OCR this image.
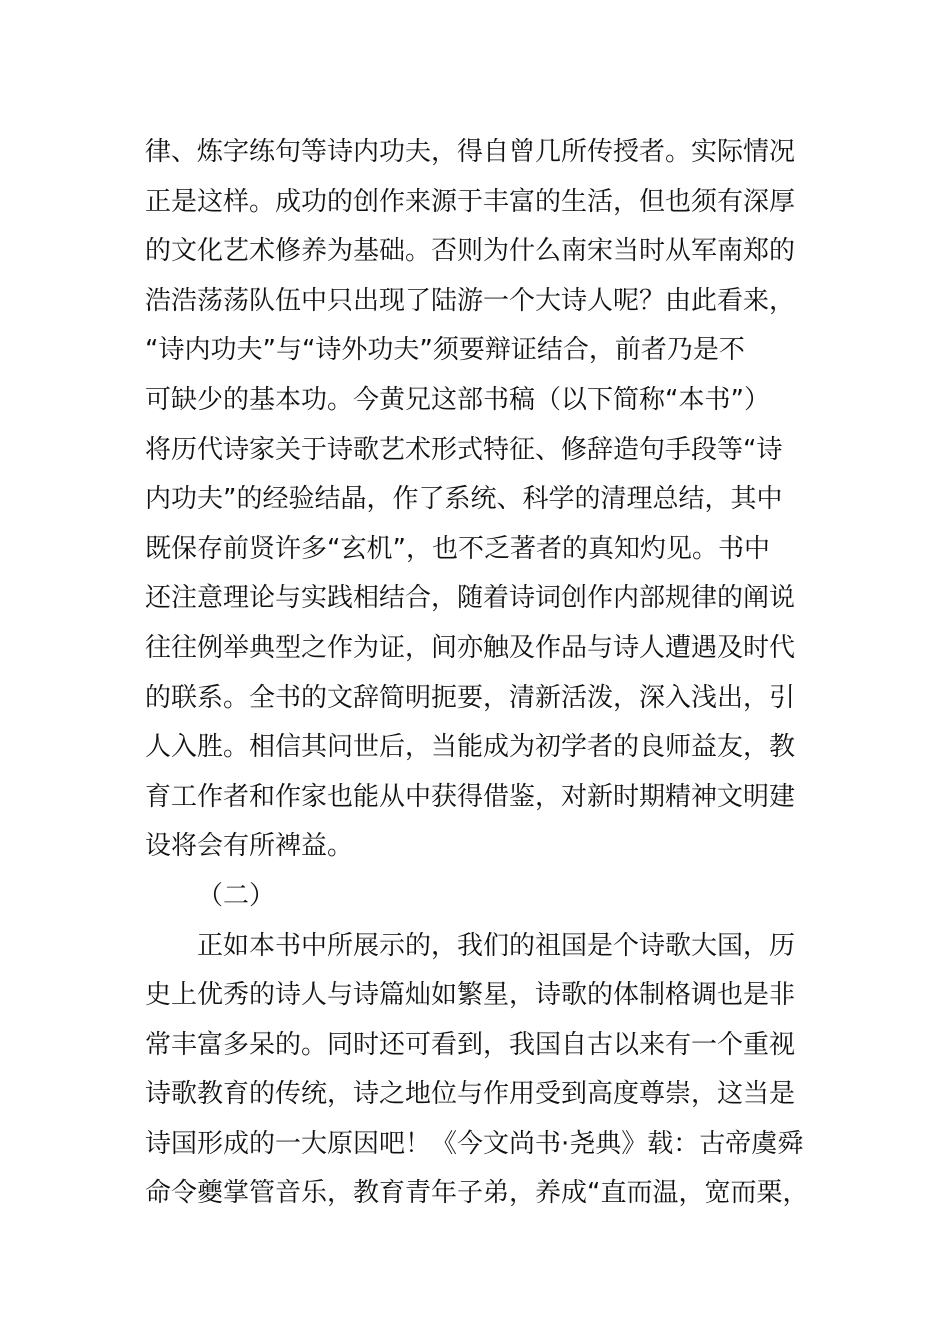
律、炼字练句等诗内功夫，得自曾几所传授者。实际情况
正是这样。成功的创作来源于丰富的生活，但也须有深厚
的文化艺术修养为基础。否则为什么南宋当时从军南郑的
浩浩荡荡队伍中只出现了陆游一个大诗人呢？由此看来，
“诗内功夫”与“诗外功夫”须要辩证结合，前者乃是不
可缺少的基本功。今黄兄这部书稿（以下简称“本书”）
将历代诗家关于诗歌艺术形式特征、修辞造句手段等“诗
内功夫”的经验结晶，作了系统、科学的清理总结，其中
既保存前贤许多“玄机”，也不乏著者的真知灼见。书中
还注意理论与实践相结合，随着诗词创作内部规律的阐说
往往例举典型之作为证，间亦触及作品与诗人遭遇及时代
的联系。全书的文辞简明扼要，清新活泼，深入浅出，引
人入胜。相信其问世后，当能成为初学者的良师益友，教
育工作者和作家也能从中获得借鉴，对新时期精神文明建
设将会有所裨益。
（二）
正如本书中所展示的，我们的祖国是个诗歌大国，历
史上优秀的诗人与诗篇灿如繁星，诗歌的体制格调也是非
常丰富多呆的。同时还可看到，我国自古以来有一个重视
诗歌教育的传统，诗之地位与作用受到高度尊崇，这当是
诗国形成的一大原因吧！《今文尚书·尧典》载：古帝虞舜
命令夔掌管音乐，教育青年子弟，养成“直而温，宽而栗，
